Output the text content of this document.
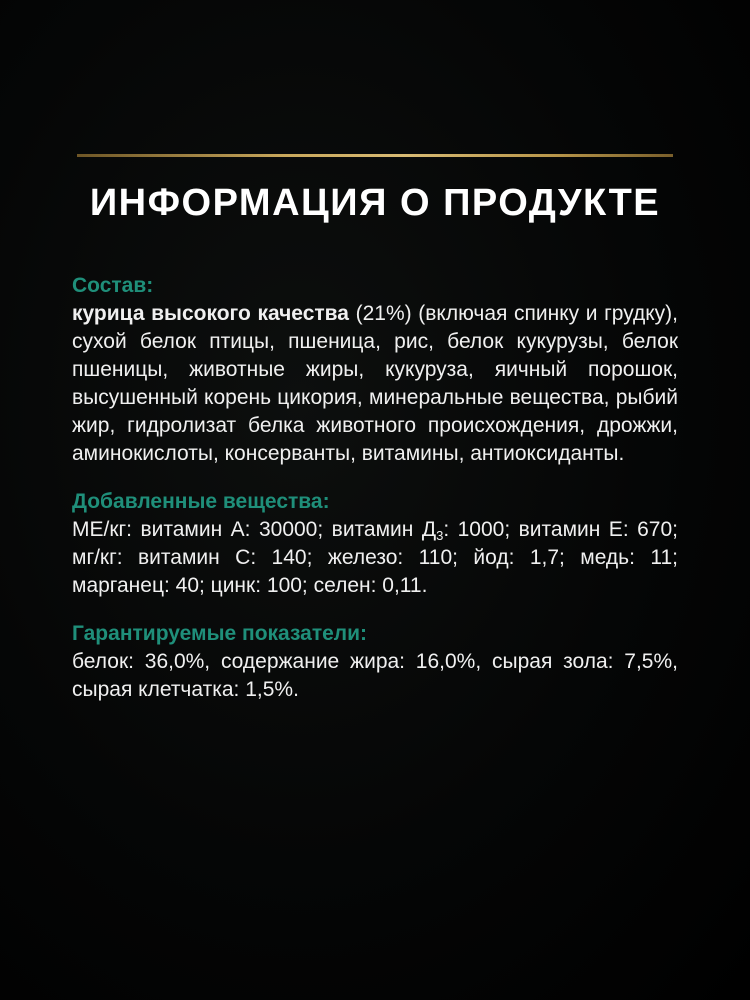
ИНФОРМАЦИЯ О ПРОДУКТЕ

Состав:

курица высокого качества (21%) (включая спинку и грудку), сухой белок птицы, пшеница, рис, белок кукурузы, белок пшеницы, животные жиры, кукуруза, яичный порошок, высушенный корень цикория, минеральные вещества, рыбий жир, гидролизат белка животного происхождения, дрожжи, аминокислоты, консерванты, витамины, антиоксиданты.

Добавленные вещества:

МЕ/кг: витамин А: 30000; витамин $Д_3$: 1000; витамин Е: 670; мг/кг: витамин С: 140; железо: 110; йод: 1,7; медь: 11; марганец: 40; цинк: 100; селен: 0,11.

Гарантируемые показатели:

белок: 36,0%, содержание жира: 16,0%, сырая зола: 7,5%, сырая клетчатка: 1,5%.
